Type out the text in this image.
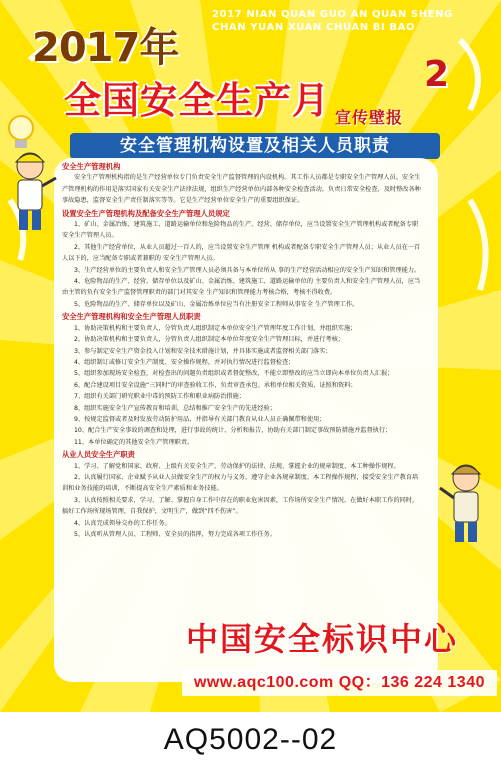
2017 NIAN QUAN GUO AN QUAN SHENG
CHAN YUAN XUAN CHUAN BI BAO
2017年
全国安全生产月
2
宣传壁报
安全管理机构设置及相关人员职责
安全生产管理机构
安全生产管理机构指的是生产经营单位专门负责安全生产监督管理的内设机构。其工作人员都是专职安全生产管理人员。安全生产管理机构的作用是落实国家有关安全生产法律法规，组织生产经营单位内部各种安全检查活动，负责日常安全检查，及时整改各种事故隐患，监督安全生产责任制落实等等。它是生产经营单位安全生产的重要组织保证。
设置安全生产管理机构及配备安全生产管理人员规定
1、矿山、金属冶炼、建筑施工、道路运输单位和危险物品的生产、经营、储存单位，应当设置安全生产管理机构或者配备专职安全生产管理人员。
2、其他生产经营单位，从业人员超过一百人的，应当设置安全生产管理 机构或者配备专职安全生产管理人员；从业人员在一百人以下的，应当配备专职或者兼职的 安全生产管理人员。
3、生产经营单位的主要负责人和安全生产管理人员必须具备与本单位所从 事的生产经营活动相应的安全生产知识和管理能力。
4、危险物品的生产、经营、储存单位以及矿山、金属冶炼、建筑施工、道路运输单位的 主要负责人和安全生产管理人员，应当由主管的负有安全生产监督管理职责的部门对其安全 生产知识和管理能力考核合格，考核不得收费。
5、危险物品的生产、储存单位以及矿山、金属冶炼单位应当有注册安全工程师从事安全 生产管理工作。
安全生产管理机构和安全生产管理人员职责
1、协助决策机构和主要负责人，分管负责人组织制定本单位安全生产管理年度工作计划，并组织实施；
2、协助决策机构和主要负责人，分管负责人组织制定本单位年度安全生产管理目标，并进行考核；
3、参与制定安全生产资金投入计划和安全技术措施计划，并具体实施或者监督相关部门落实；
4、组织制订或修订安全生产制度、安全操作规程，并对执行情况进行监督检查；
5、组织参加现场安全检查，对检查出的问题负责组织或者督促整改，不能立即整改的应当立即向本单位负责人汇报；
6、配合建设项目安全设施“三同时”的审查验收工作，负责审查承包、承租单位相关资质、证照和资料；
7、组织有关部门研究职业中毒的预防工作和职业病防治措施；
8、组织实施安全生产宣传教育和培训，总结和推广安全生产的先进经验；
9、按规定监督或者及时发放劳动防护用品，并指导有关部门教育从业人员正确佩带和使用；
10、配合生产安全事故的调查和处理，进行事故的统计、分析和报告，协助有关部门制定事故预防措施并监督执行；
11、本单位确定的其他安全生产管理职责。
从业人员安全生产职责
1、学习、了解党和国家、政府、上级有关安全生产、劳动保护的法律、法规、掌握企业的规章制度、本工种操作规程。
2、认真履行国家、企业赋予从业人员做安全生产的权力与义务，遵守企业各规章制度、本工程操作规程，接受安全生产教育培训和业务技能的培训，不断提高安全生产素质和业务技能。
3、认真按照相关要求，学习、了解、掌握自身工作中存在的职业危害因素，工作场所安全生产情况，在做好本职工作的同时，搞好工作场所现场管理，自我保护，文明生产，做到“四不伤害”。
4、认真完成领导交办的工作任务。
5、认真听从管理人员、工程师、安全员的指挥，努力完成各项工作任务。
中国安全标识中心
www.aqc100.com QQ：136 224 1340
AQ5002--02
